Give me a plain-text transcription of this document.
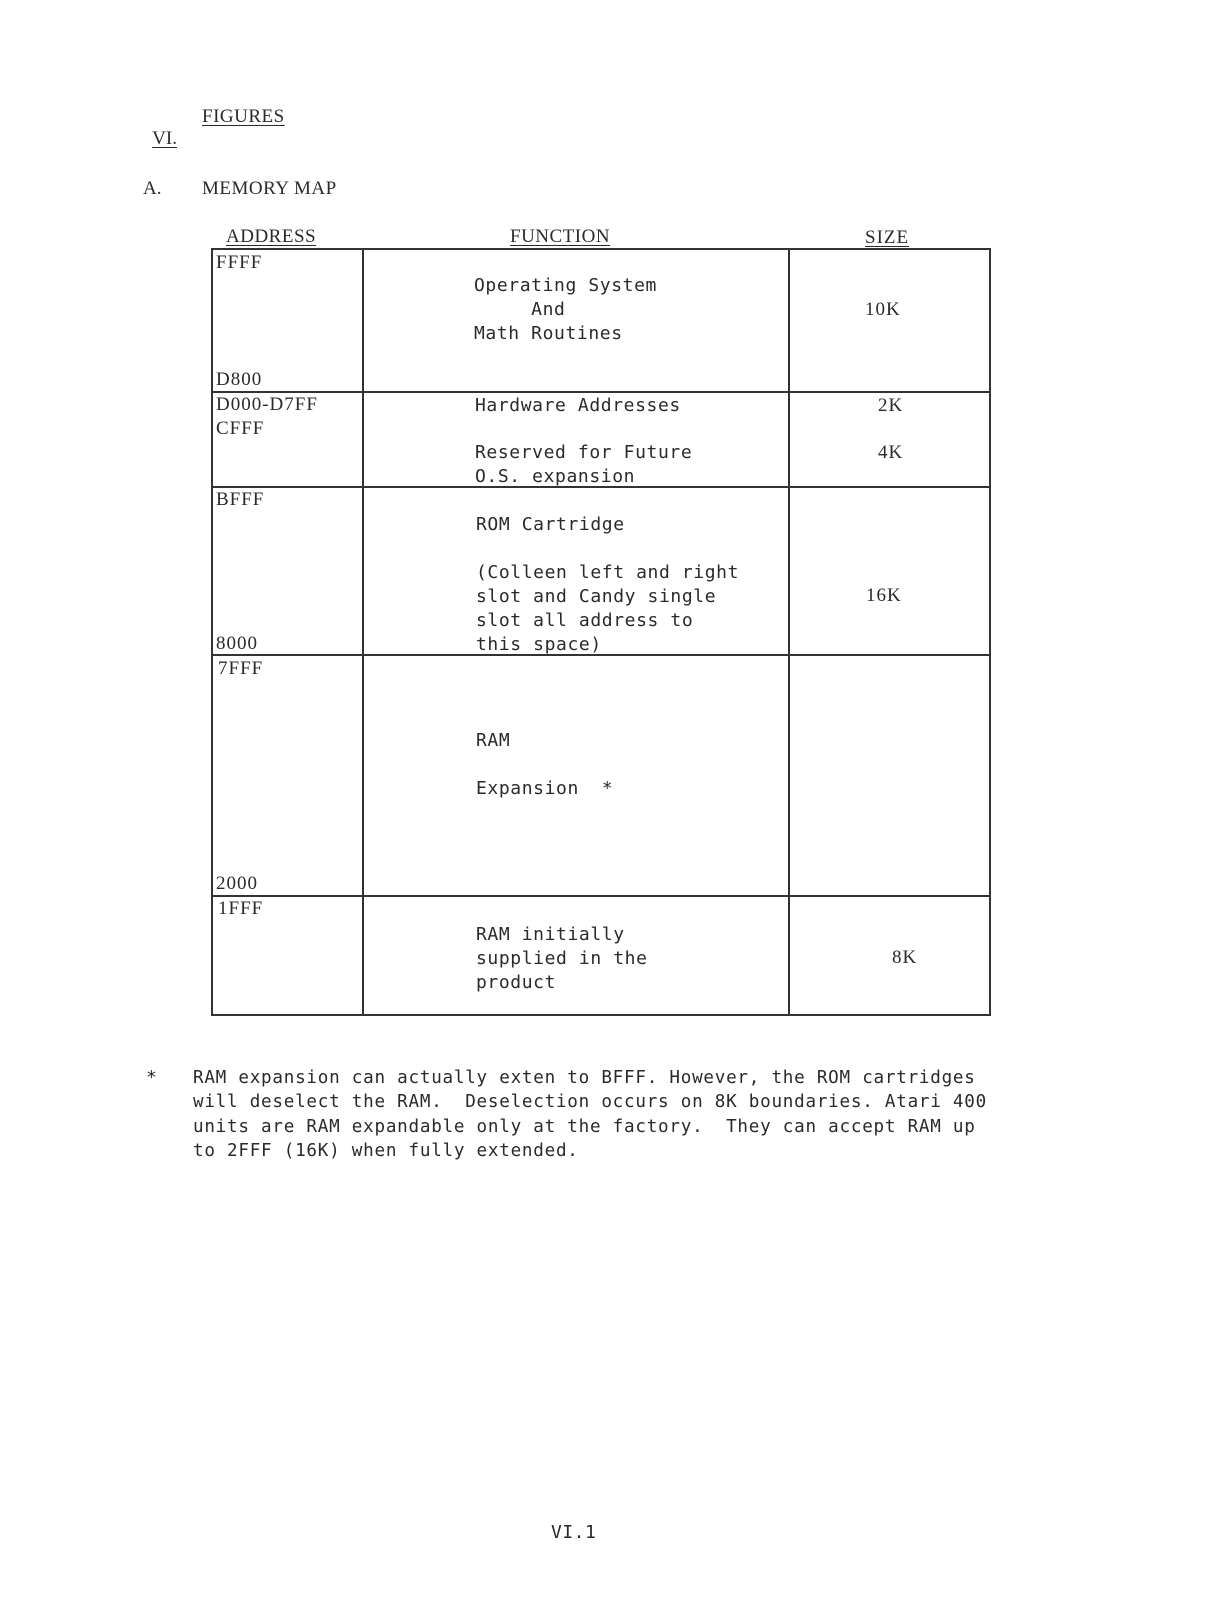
VI.

FIGURES
A. MEMORY MAP
ADDRESS	FUNCTION	SIZE
FFFF
D800
Operating System
And
Math Routines
10K
D000-D7FF
CFFF
Hardware Addresses
Reserved for Future
O.S. expansion
2K
4K
BFFF
8000
ROM Cartridge
(Colleen left and right
slot and Candy single
slot all address to
this space)
16K
7FFF
2000
RAM
Expansion  *
1FFF
RAM initially
supplied in the
product
8K
* RAM expansion can actually exten to BFFF. However, the ROM cartridges
will deselect the RAM.  Deselection occurs on 8K boundaries. Atari 400
units are RAM expandable only at the factory.  They can accept RAM up
to 2FFF (16K) when fully extended.
VI.1
